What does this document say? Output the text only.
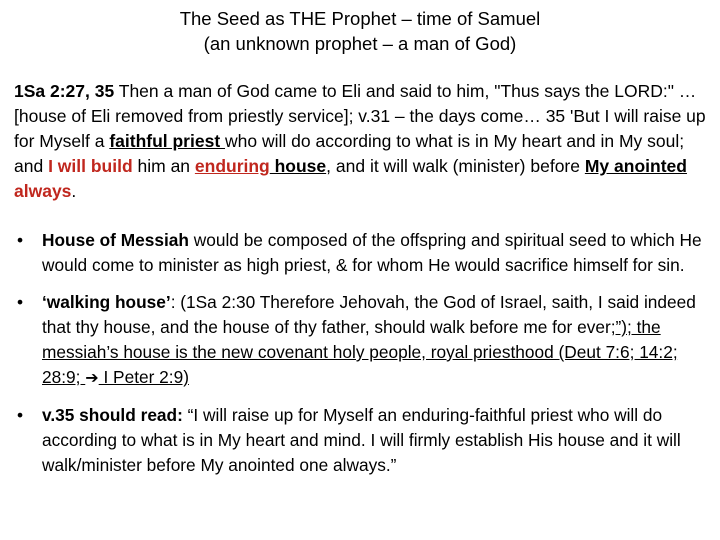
The Seed as THE Prophet – time of Samuel
(an unknown prophet – a man of God)
1Sa 2:27, 35 Then a man of God came to Eli and said to him, "Thus says the LORD:" … [house of Eli removed from priestly service]; v.31 – the days come… 35 'But I will raise up for Myself a faithful priest who will do according to what is in My heart and in My soul; and I will build him an enduring house, and it will walk (minister) before My anointed always.
• House of Messiah would be composed of the offspring and spiritual seed to which He would come to minister as high priest, & for whom He would sacrifice himself for sin.
• ‘walking house’: (1Sa 2:30 Therefore Jehovah, the God of Israel, saith, I said indeed that thy house, and the house of thy father, should walk before me for ever;”); the messiah’s house is the new covenant holy people, royal priesthood (Deut 7:6; 14:2; 28:9; ➔ I Peter 2:9)
• v.35 should read: “I will raise up for Myself an enduring-faithful priest who will do according to what is in My heart and mind. I will firmly establish His house and it will walk/minister before My anointed one always.”
